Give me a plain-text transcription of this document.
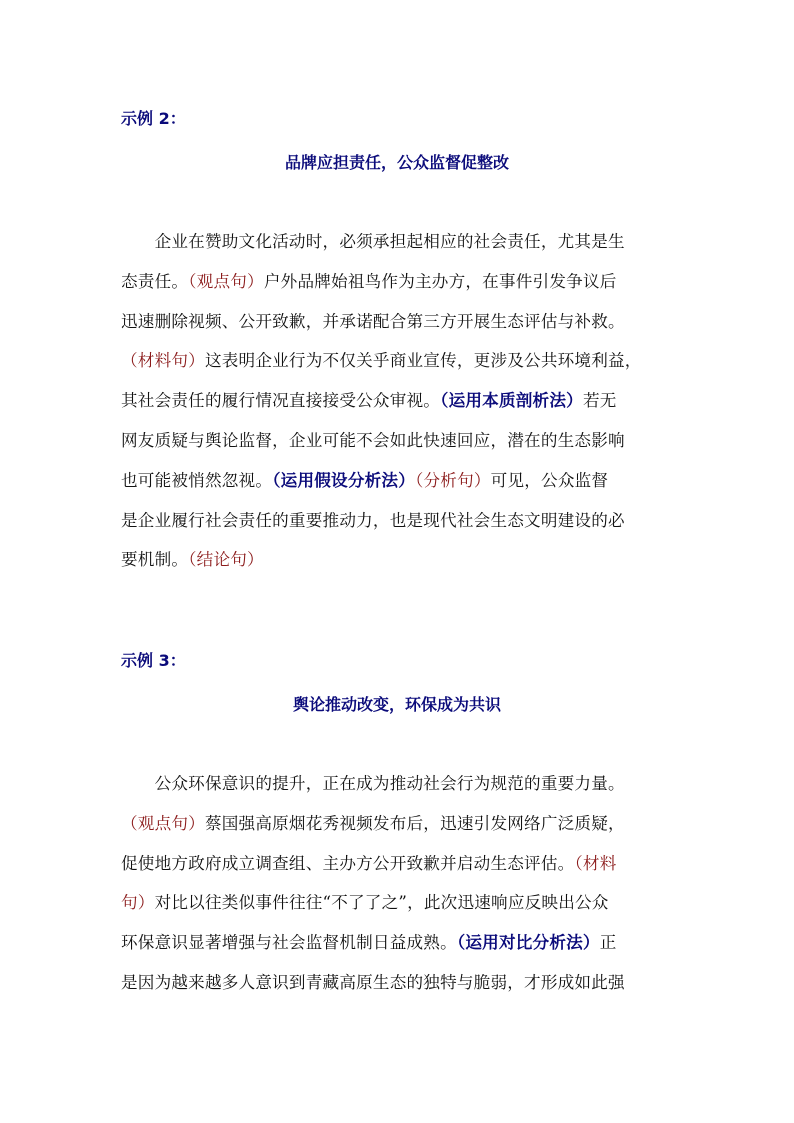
示例 2：
品牌应担责任，公众监督促整改
　　企业在赞助文化活动时，必须承担起相应的社会责任，尤其是生
态责任。（观点句）户外品牌始祖鸟作为主办方，在事件引发争议后
迅速删除视频、公开致歉，并承诺配合第三方开展生态评估与补救。
（材料句）这表明企业行为不仅关乎商业宣传，更涉及公共环境利益，
其社会责任的履行情况直接接受公众审视。（运用本质剖析法）若无
网友质疑与舆论监督，企业可能不会如此快速回应，潜在的生态影响
也可能被悄然忽视。（运用假设分析法）（分析句）可见，公众监督
是企业履行社会责任的重要推动力，也是现代社会生态文明建设的必
要机制。（结论句）
示例 3：
舆论推动改变，环保成为共识
　　公众环保意识的提升，正在成为推动社会行为规范的重要力量。
（观点句）蔡国强高原烟花秀视频发布后，迅速引发网络广泛质疑，
促使地方政府成立调查组、主办方公开致歉并启动生态评估。（材料
句）对比以往类似事件往往“不了了之”，此次迅速响应反映出公众
环保意识显著增强与社会监督机制日益成熟。（运用对比分析法）正
是因为越来越多人意识到青藏高原生态的独特与脆弱，才形成如此强
